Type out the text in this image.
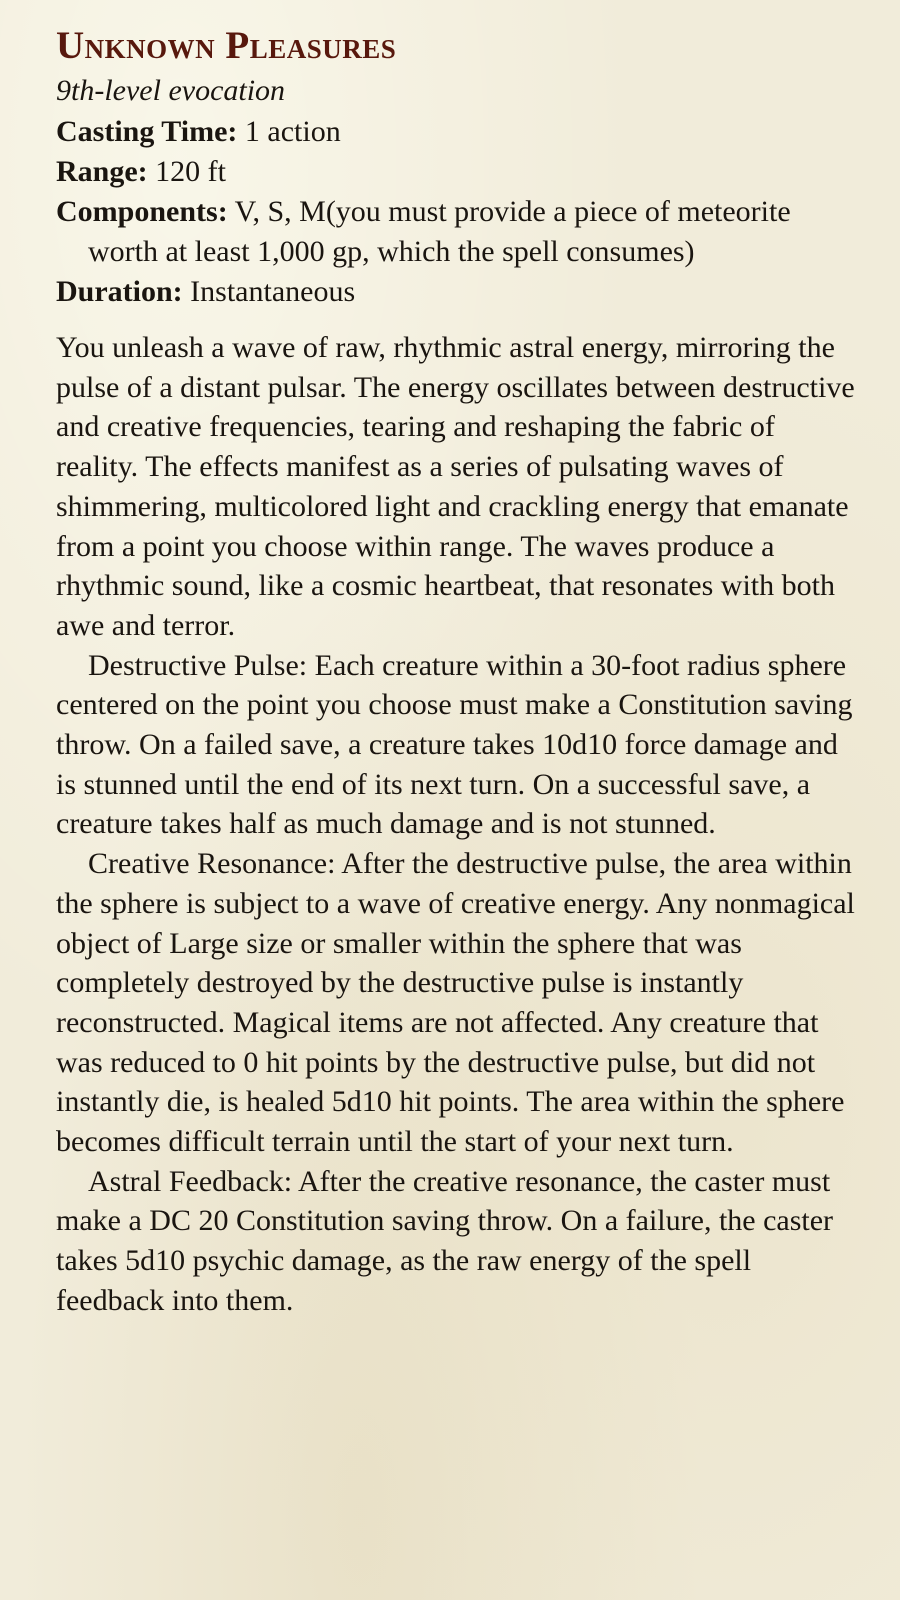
Unknown Pleasures

9th-level evocation

Casting Time: 1 action

Range: 120 ft

Components: V, S, M(you must provide a piece of meteorite worth at least 1,000 gp, which the spell consumes)

Duration: Instantaneous

You unleash a wave of raw, rhythmic astral energy, mirroring the pulse of a distant pulsar. The energy oscillates between destructive and creative frequencies, tearing and reshaping the fabric of reality. The effects manifest as a series of pulsating waves of shimmering, multicolored light and crackling energy that emanate from a point you choose within range. The waves produce a rhythmic sound, like a cosmic heartbeat, that resonates with both awe and terror.

Destructive Pulse: Each creature within a 30-foot radius sphere centered on the point you choose must make a Constitution saving throw. On a failed save, a creature takes 10d10 force damage and is stunned until the end of its next turn. On a successful save, a creature takes half as much damage and is not stunned.

Creative Resonance: After the destructive pulse, the area within the sphere is subject to a wave of creative energy. Any nonmagical object of Large size or smaller within the sphere that was completely destroyed by the destructive pulse is instantly reconstructed. Magical items are not affected. Any creature that was reduced to 0 hit points by the destructive pulse, but did not instantly die, is healed 5d10 hit points. The area within the sphere becomes difficult terrain until the start of your next turn.

Astral Feedback: After the creative resonance, the caster must make a DC 20 Constitution saving throw. On a failure, the caster takes 5d10 psychic damage, as the raw energy of the spell feedback into them.
